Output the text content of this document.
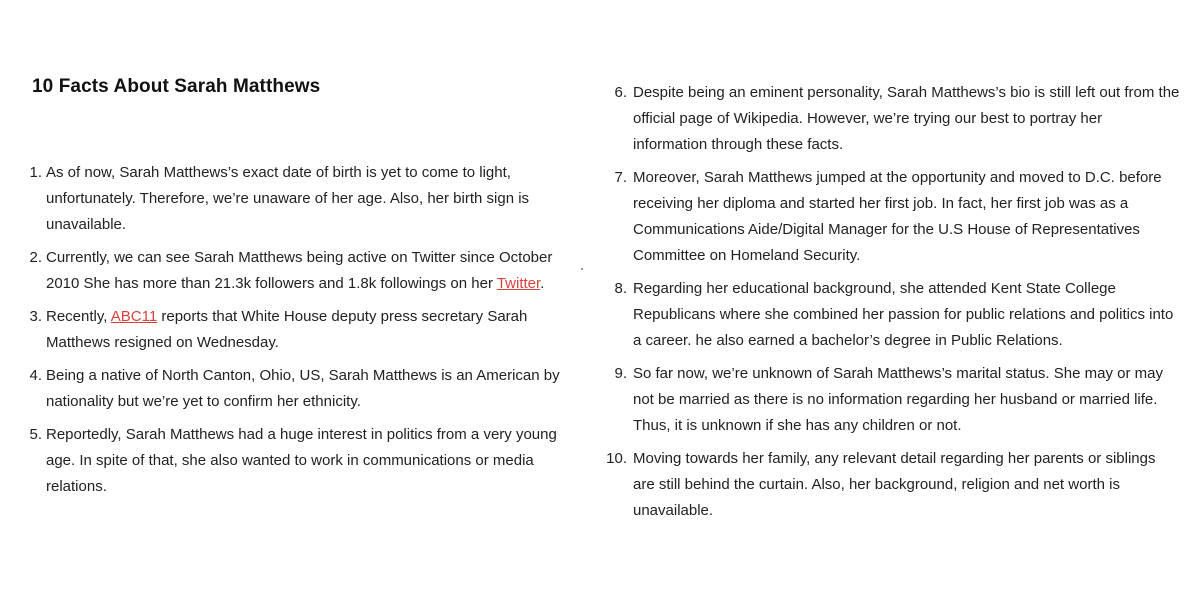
10 Facts About Sarah Matthews
1. As of now, Sarah Matthews’s exact date of birth is yet to come to light, unfortunately. Therefore, we’re unaware of her age. Also, her birth sign is unavailable.
2. Currently, we can see Sarah Matthews being active on Twitter since October 2010 She has more than 21.3k followers and 1.8k followings on her Twitter.
3. Recently, ABC11 reports that White House deputy press secretary Sarah Matthews resigned on Wednesday.
4. Being a native of North Canton, Ohio, US, Sarah Matthews is an American by nationality but we’re yet to confirm her ethnicity.
5. Reportedly, Sarah Matthews had a huge interest in politics from a very young age. In spite of that, she also wanted to work in communications or media relations.
6. Despite being an eminent personality, Sarah Matthews’s bio is still left out from the official page of Wikipedia. However, we’re trying our best to portray her information through these facts.
7. Moreover, Sarah Matthews jumped at the opportunity and moved to D.C. before receiving her diploma and started her first job. In fact, her first job was as a Communications Aide/Digital Manager for the U.S House of Representatives Committee on Homeland Security.
8. Regarding her educational background, she attended Kent State College Republicans where she combined her passion for public relations and politics into a career. he also earned a bachelor’s degree in Public Relations.
9. So far now, we’re unknown of Sarah Matthews’s marital status. She may or may not be married as there is no information regarding her husband or married life. Thus, it is unknown if she has any children or not.
10. Moving towards her family, any relevant detail regarding her parents or siblings are still behind the curtain. Also, her background, religion and net worth is unavailable.
